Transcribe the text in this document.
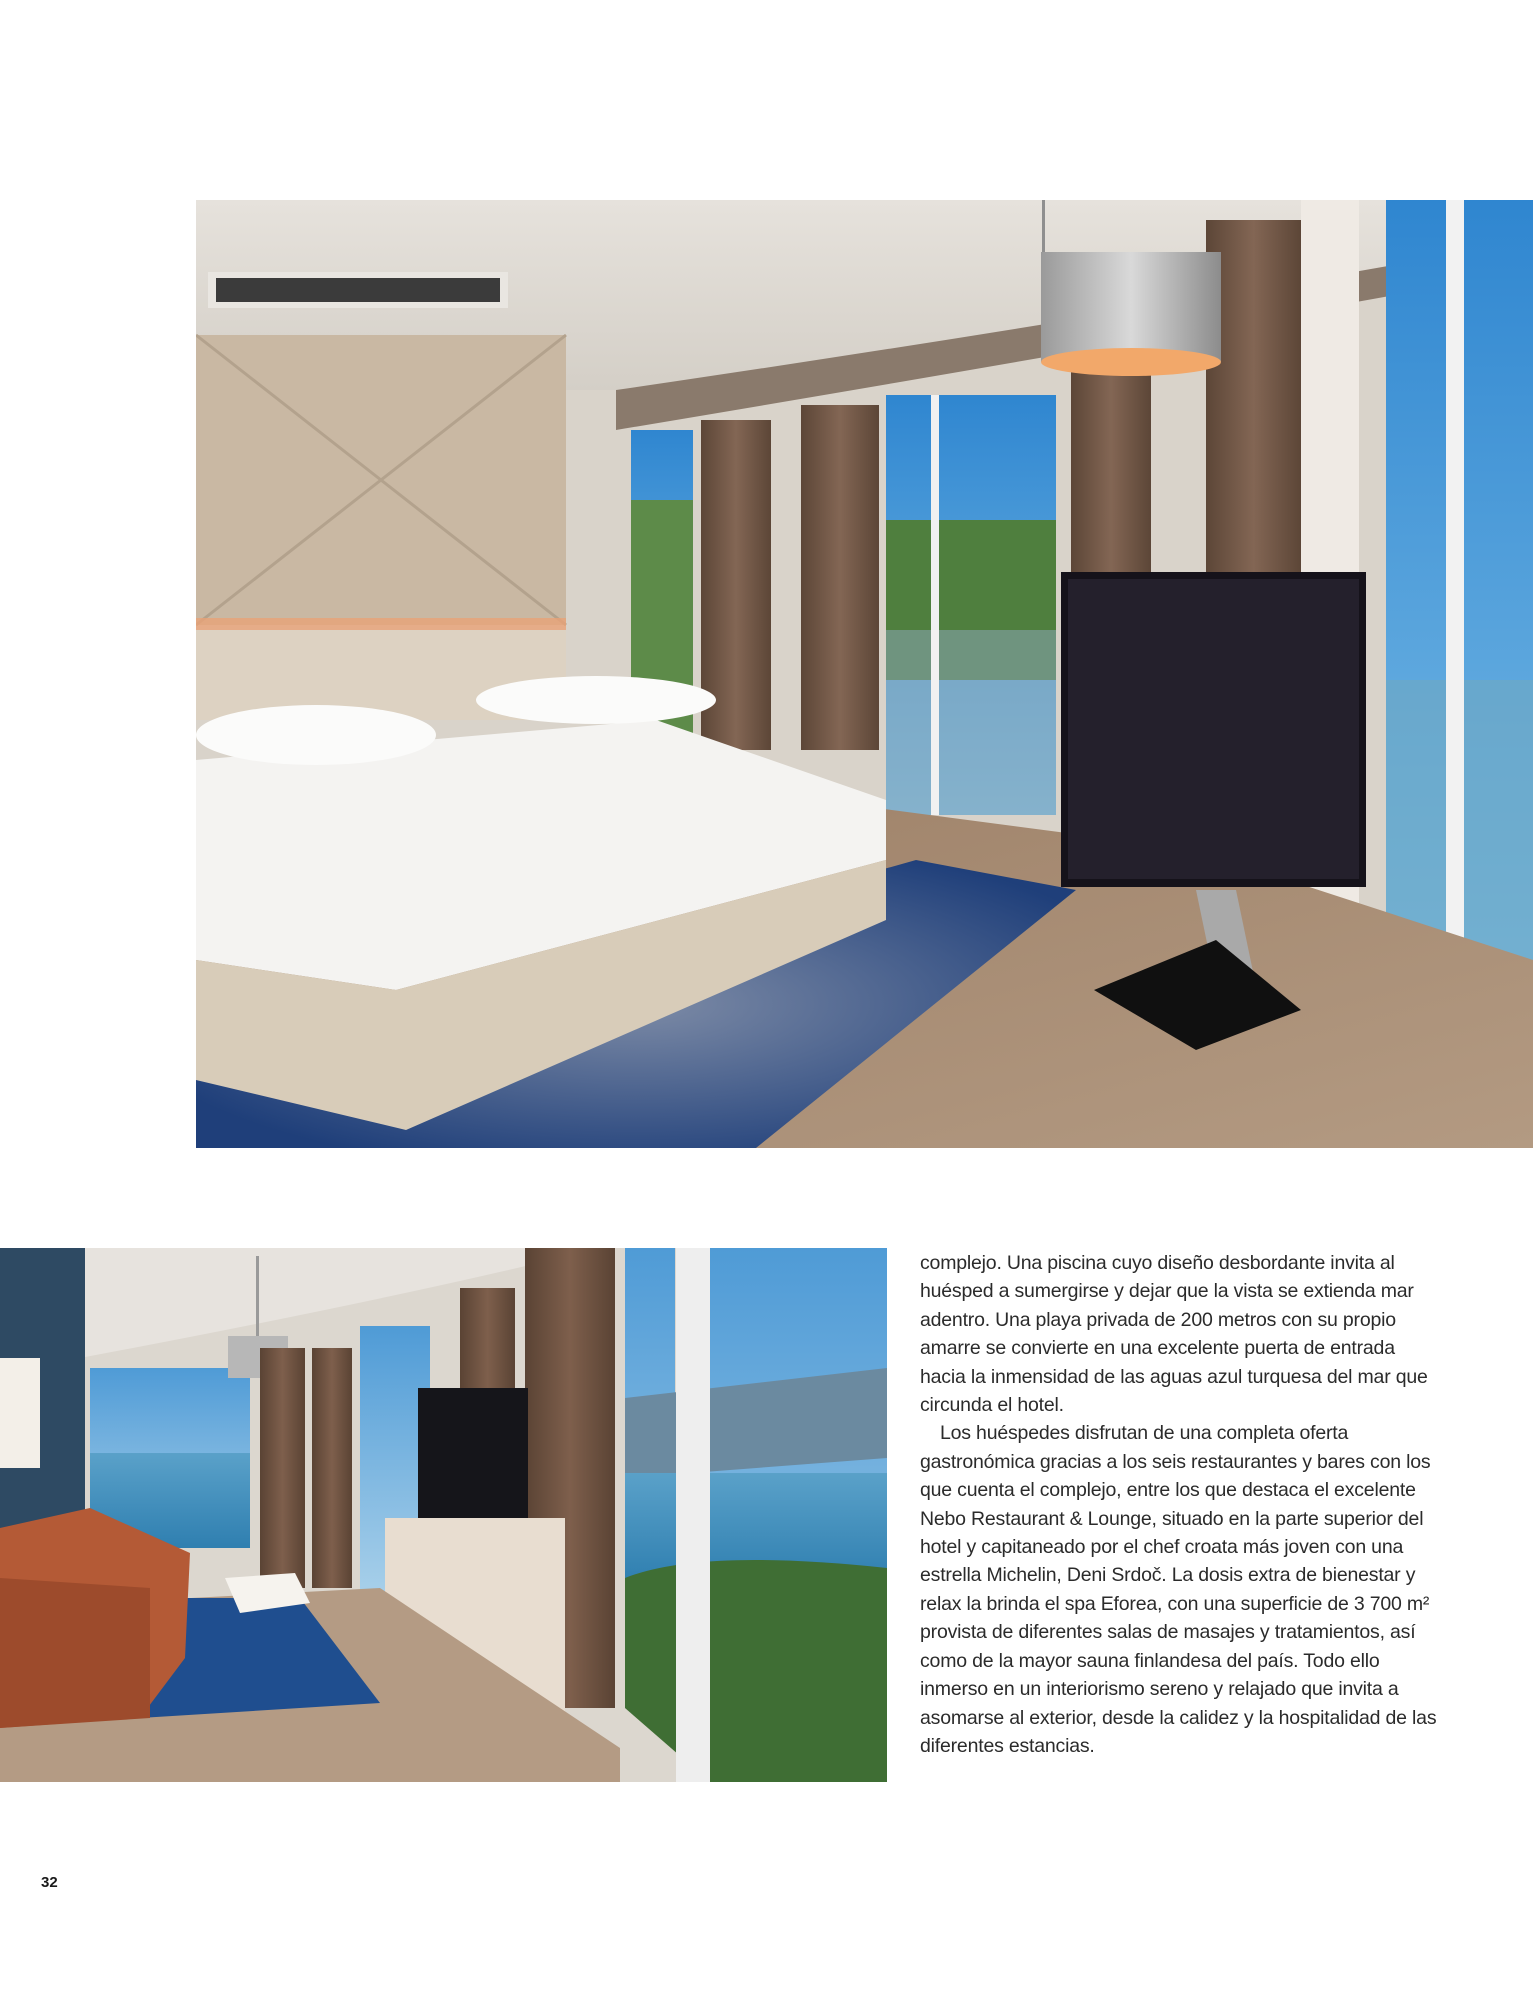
complejo. Una piscina cuyo diseño desbordante invita al huésped a sumergirse y dejar que la vista se extienda mar adentro. Una playa privada de 200 metros con su propio amarre se convierte en una excelente puerta de entrada hacia la inmensidad de las aguas azul turquesa del mar que circunda el hotel.

Los huéspedes disfrutan de una completa oferta gastronómica gracias a los seis restaurantes y bares con los que cuenta el complejo, entre los que destaca el excelente Nebo Restaurant & Lounge, situado en la parte superior del hotel y capitaneado por el chef croata más joven con una estrella Michelin, Deni Srdoč. La dosis extra de bienestar y relax la brinda el spa Eforea, con una superficie de 3 700 m² provista de diferentes salas de masajes y tratamientos, así como de la mayor sauna finlandesa del país. Todo ello inmerso en un interiorismo sereno y relajado que invita a asomarse al exterior, desde la calidez y la hospitalidad de las diferentes estancias.

32
